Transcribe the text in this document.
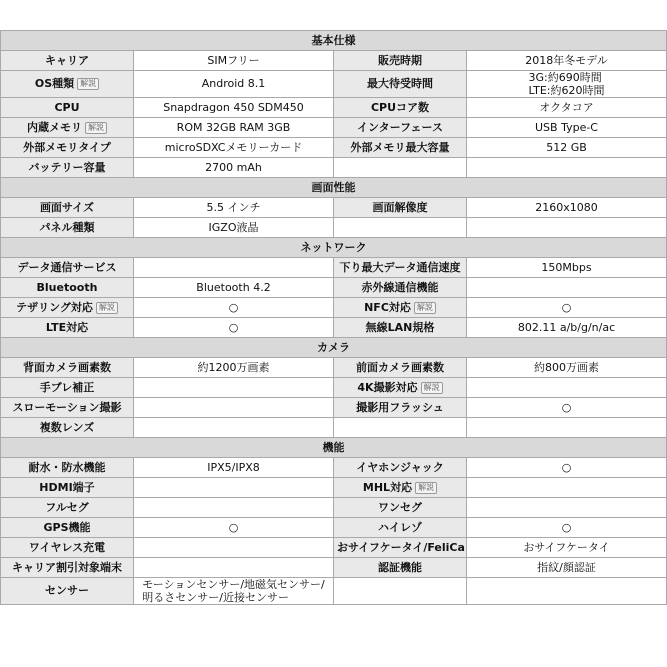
基本仕様			
キャリア	SIMフリー	販売時期	2018年冬モデル
OS種類 解説	Android 8.1	最大待受時間	3G:約690時間
LTE:約620時間

CPU	Snapdragon 450 SDM450	CPUコア数	オクタコア
内蔵メモリ 解説	ROM 32GB RAM 3GB	インターフェース	USB Type-C
外部メモリタイプ	microSDXCメモリーカード	外部メモリ最大容量	512 GB
バッテリー容量	2700 mAh		
画面性能			
画面サイズ	5.5 インチ	画面解像度	2160x1080
パネル種類	IGZO液晶		
ネットワーク			
データ通信サービス		下り最大データ通信速度	150Mbps
Bluetooth	Bluetooth 4.2	赤外線通信機能	
テザリング対応 解説	○	NFC対応 解説	○
LTE対応	○	無線LAN規格	802.11 a/b/g/n/ac
カメラ			
背面カメラ画素数	約1200万画素	前面カメラ画素数	約800万画素
手ブレ補正		4K撮影対応 解説	
スローモーション撮影		撮影用フラッシュ	○
複数レンズ			
機能			
耐水・防水機能	IPX5/IPX8	イヤホンジャック	○
HDMI端子		MHL対応 解説	
フルセグ		ワンセグ	
GPS機能	○	ハイレゾ	○
ワイヤレス充電		おサイフケータイ/FeliCa	おサイフケータイ
キャリア割引対象端末		認証機能	指紋/顔認証
センサー	モーションセンサー/地磁気センサー/
明るさセンサー/近接センサー		
